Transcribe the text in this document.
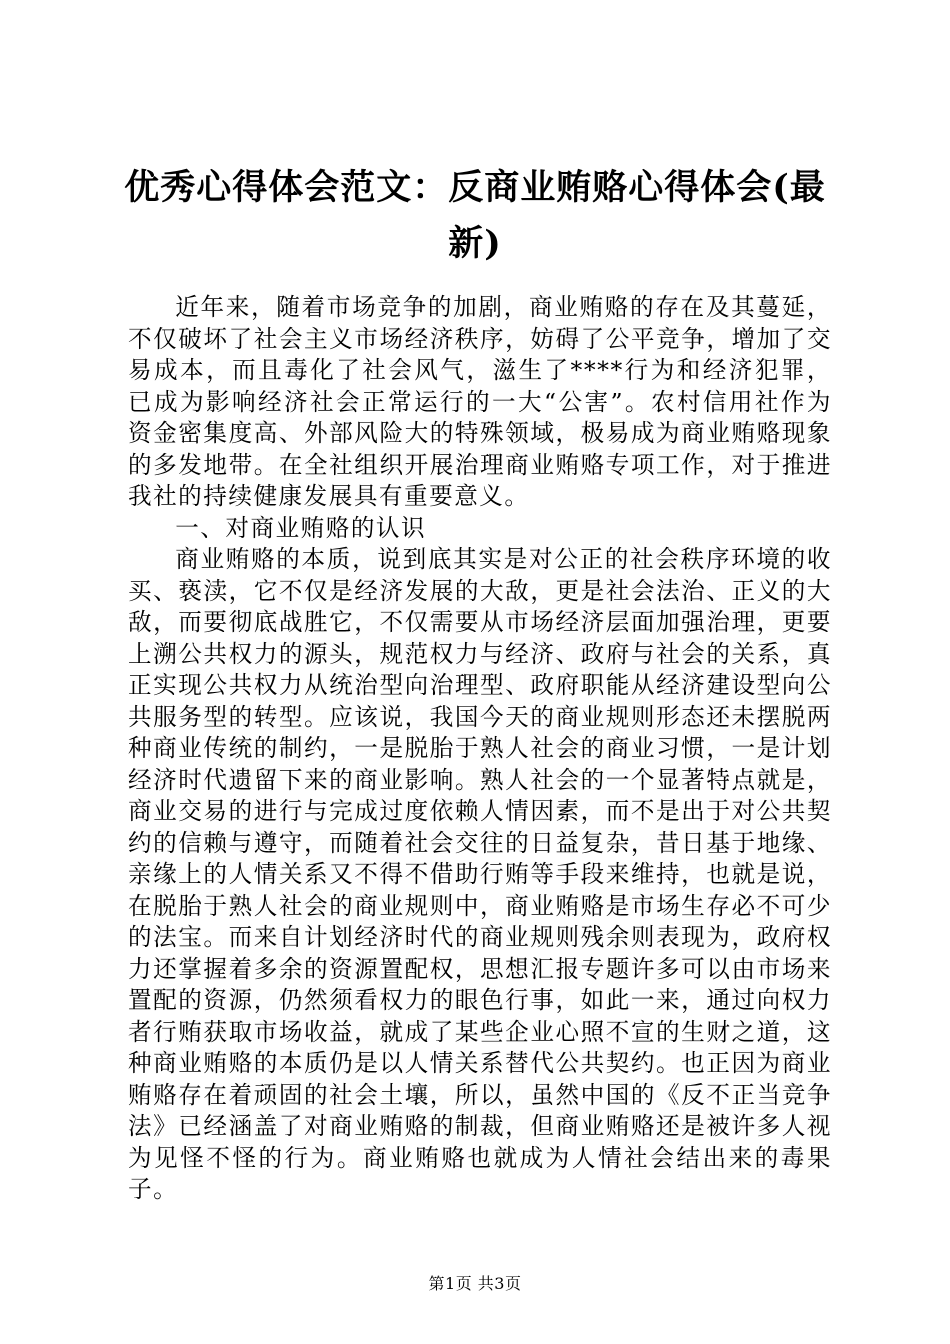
优秀心得体会范文：反商业贿赂心得体会(最新)

近年来，随着市场竞争的加剧，商业贿赂的存在及其蔓延，不仅破坏了社会主义市场经济秩序，妨碍了公平竞争，增加了交易成本，而且毒化了社会风气，滋生了****行为和经济犯罪，已成为影响经济社会正常运行的一大“公害”。农村信用社作为资金密集度高、外部风险大的特殊领域，极易成为商业贿赂现象的多发地带。在全社组织开展治理商业贿赂专项工作，对于推进我社的持续健康发展具有重要意义。

一、对商业贿赂的认识

商业贿赂的本质，说到底其实是对公正的社会秩序环境的收买、亵渎，它不仅是经济发展的大敌，更是社会法治、正义的大敌，而要彻底战胜它，不仅需要从市场经济层面加强治理，更要上溯公共权力的源头，规范权力与经济、政府与社会的关系，真正实现公共权力从统治型向治理型、政府职能从经济建设型向公共服务型的转型。应该说，我国今天的商业规则形态还未摆脱两种商业传统的制约，一是脱胎于熟人社会的商业习惯，一是计划经济时代遗留下来的商业影响。熟人社会的一个显著特点就是，商业交易的进行与完成过度依赖人情因素，而不是出于对公共契约的信赖与遵守，而随着社会交往的日益复杂，昔日基于地缘、亲缘上的人情关系又不得不借助行贿等手段来维持，也就是说，在脱胎于熟人社会的商业规则中，商业贿赂是市场生存必不可少的法宝。而来自计划经济时代的商业规则残余则表现为，政府权力还掌握着多余的资源置配权，思想汇报专题许多可以由市场来置配的资源，仍然须看权力的眼色行事，如此一来，通过向权力者行贿获取市场收益，就成了某些企业心照不宣的生财之道，这种商业贿赂的本质仍是以人情关系替代公共契约。也正因为商业贿赂存在着顽固的社会土壤，所以，虽然中国的《反不正当竞争法》已经涵盖了对商业贿赂的制裁，但商业贿赂还是被许多人视为见怪不怪的行为。商业贿赂也就成为人情社会结出来的毒果子。

第1页 共3页
